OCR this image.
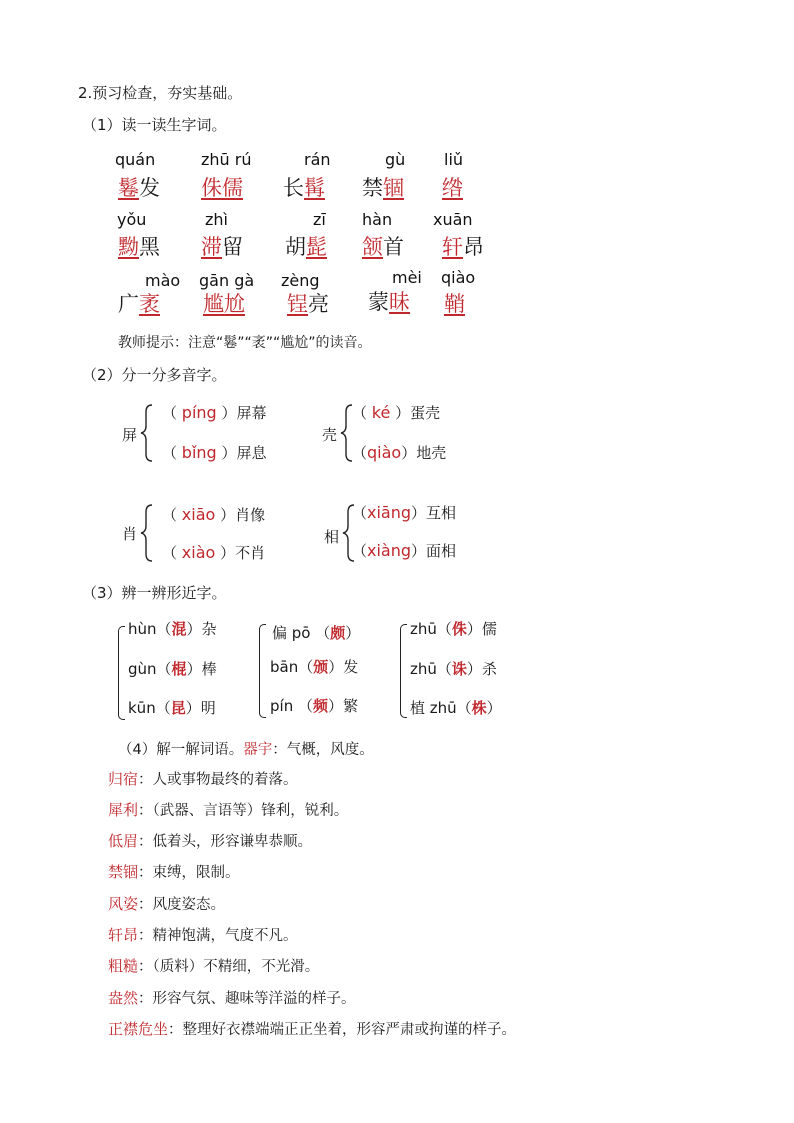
2.预习检查，夯实基础。
（1）读一读生字词。
quán
鬈发
zhū rú
侏儒
rán
长髯
gù
禁锢
liǔ
绺
yǒu
黝黑
zhì
滞留
zī
胡髭
hàn
颔首
xuān
轩昂
mào
广袤
gān gà
尴尬
zèng
锃亮
mèi
蒙昧
qiào
鞘
教师提示：注意“鬈”“袤”“尴尬”的读音。
（2）分一分多音字。
屏
（ píng ）屏幕
（ bǐng ）屏息
壳
（ ké ）蛋壳
（qiào）地壳
肖
（ xiāo ）肖像
（ xiào ）不肖
相
（xiāng）互相
（xiàng）面相
（3）辨一辨形近字。
hùn（混）杂
gùn（棍）棒
kūn（昆）明
偏 pō （颇）
bān（颁）发
pín （频）繁
zhū（侏）儒
zhū（诛）杀
植 zhū（株）
（4）解一解词语。器宇：气概，风度。
归宿：人或事物最终的着落。
犀利：（武器、言语等）锋利，锐利。
低眉：低着头，形容谦卑恭顺。
禁锢：束缚，限制。
风姿：风度姿态。
轩昂：精神饱满，气度不凡。
粗糙：（质料）不精细，不光滑。
盎然：形容气氛、趣味等洋溢的样子。
正襟危坐：整理好衣襟端端正正坐着，形容严肃或拘谨的样子。
